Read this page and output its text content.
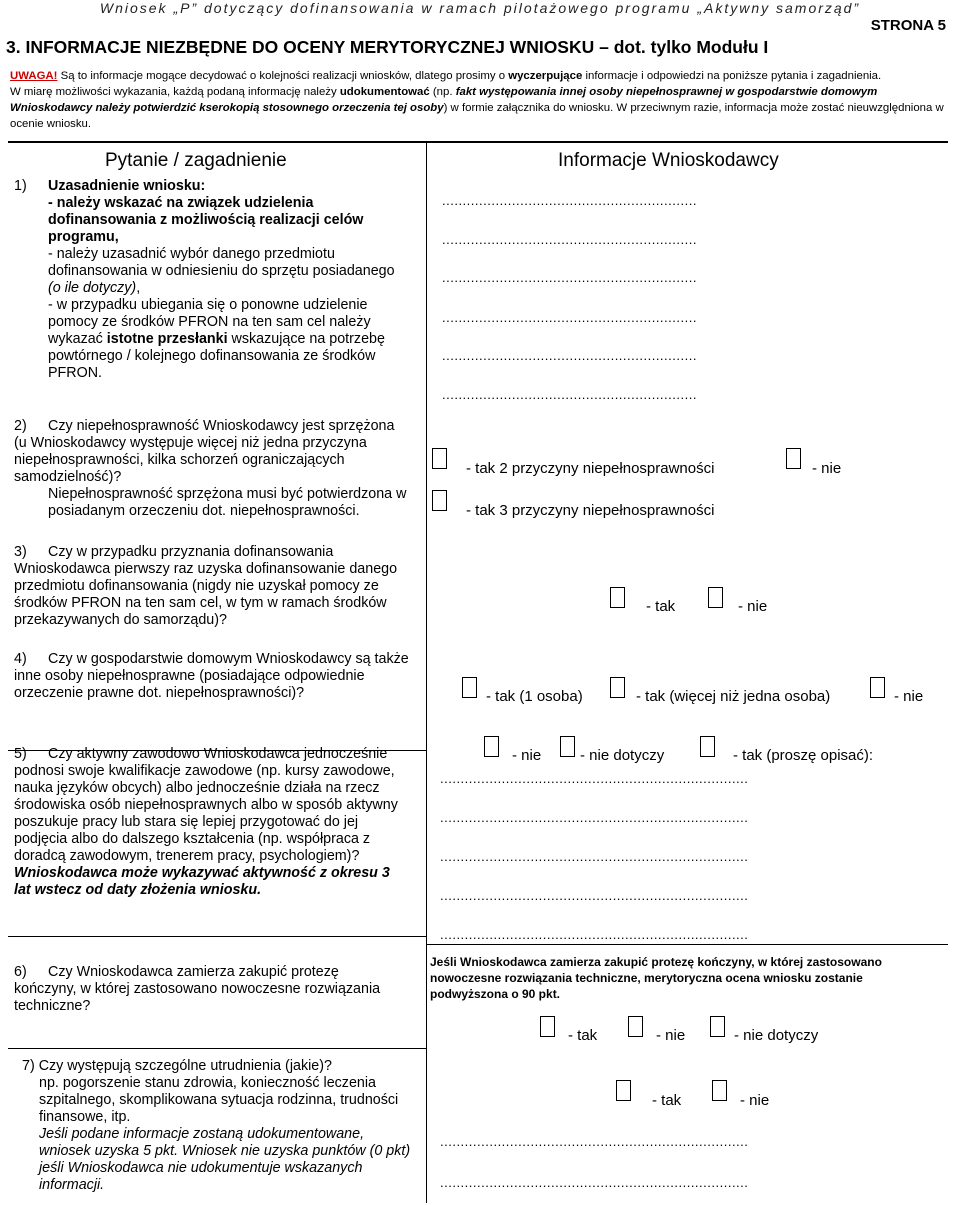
Wniosek „P” dotyczący dofinansowania w ramach pilotażowego programu „Aktywny samorząd”
STRONA 5
3. INFORMACJE NIEZBĘDNE DO OCENY MERYTORYCZNEJ WNIOSKU – dot. tylko Modułu I
UWAGA! Są to informacje mogące decydować o kolejności realizacji wniosków, dlatego prosimy o wyczerpujące informacje i odpowiedzi na poniższe pytania i zagadnienia.
W miarę możliwości wykazania, każdą podaną informację należy udokumentować (np. fakt występowania innej osoby niepełnosprawnej w gospodarstwie domowym Wnioskodawcy należy potwierdzić kserokopią stosownego orzeczenia tej osoby) w formie załącznika do wniosku. W przeciwnym razie, informacja może zostać nieuwzględniona w ocenie wniosku.
Pytanie / zagadnienie	Informacje Wnioskodawcy

1) Uzasadnienie wniosku:

- należy wskazać na związek udzielenia dofinansowania z możliwością realizacji celów programu,

- należy uzasadnić wybór danego przedmiotu dofinansowania w odniesieniu do sprzętu posiadanego (o ile dotyczy),

- w przypadku ubiegania się o ponowne udzielenie pomocy ze środków PFRON na ten sam cel należy wykazać istotne przesłanki wskazujące na potrzebę powtórnego / kolejnego dofinansowania ze środków PFRON.

..............................................................
..............................................................
..............................................................
..............................................................
..............................................................
..............................................................

2) Czy niepełnosprawność Wnioskodawcy jest sprzężona (u Wnioskodawcy występuje więcej niż jedna przyczyna niepełnosprawności, kilka schorzeń ograniczających samodzielność)?

Niepełnosprawność sprzężona musi być potwierdzona w posiadanym orzeczeniu dot. niepełnosprawności.

- tak 2 przyczyny niepełnosprawności	- nie
- tak 3 przyczyny niepełnosprawności

3) Czy w przypadku przyznania dofinansowania Wnioskodawca pierwszy raz uzyska dofinansowanie danego przedmiotu dofinansowania (nigdy nie uzyskał pomocy ze środków PFRON na ten sam cel, w tym w ramach środków przekazywanych do samorządu)?

- tak	- nie

4) Czy w gospodarstwie domowym Wnioskodawcy są także inne osoby niepełnosprawne (posiadające odpowiednie orzeczenie prawne dot. niepełnosprawności)?	- tak (1 osoba)	- tak (więcej niż jedna osoba)	- nie

5) Czy aktywny zawodowo Wnioskodawca jednocześnie podnosi swoje kwalifikacje zawodowe (np. kursy zawodowe, nauka języków obcych) albo jednocześnie działa na rzecz środowiska osób niepełnosprawnych albo w sposób aktywny poszukuje pracy lub stara się lepiej przygotować do jej podjęcia albo do dalszego kształcenia (np. współpraca z doradcą zawodowym, trenerem pracy, psychologiem)?

Wnioskodawca może wykazywać aktywność z okresu 3 lat wstecz od daty złożenia wniosku.

- nie	- nie dotyczy	- tak (proszę opisać):
...........................................................................
...........................................................................
...........................................................................
...........................................................................
...........................................................................

6) Czy Wnioskodawca zamierza zakupić protezę kończyny, w której zastosowano nowoczesne rozwiązania techniczne?

Jeśli Wnioskodawca zamierza zakupić protezę kończyny, w której zastosowano nowoczesne rozwiązania techniczne, merytoryczna ocena wniosku zostanie podwyższona o 90 pkt.
- tak	- nie	- nie dotyczy

7) Czy występują szczególne utrudnienia (jakie)?

np. pogorszenie stanu zdrowia, konieczność leczenia szpitalnego, skomplikowana sytuacja rodzinna, trudności finansowe, itp.

Jeśli podane informacje zostaną udokumentowane, wniosek uzyska 5 pkt. Wniosek nie uzyska punktów (0 pkt) jeśli Wnioskodawca nie udokumentuje wskazanych informacji.

- tak	- nie
...........................................................................
...........................................................................
